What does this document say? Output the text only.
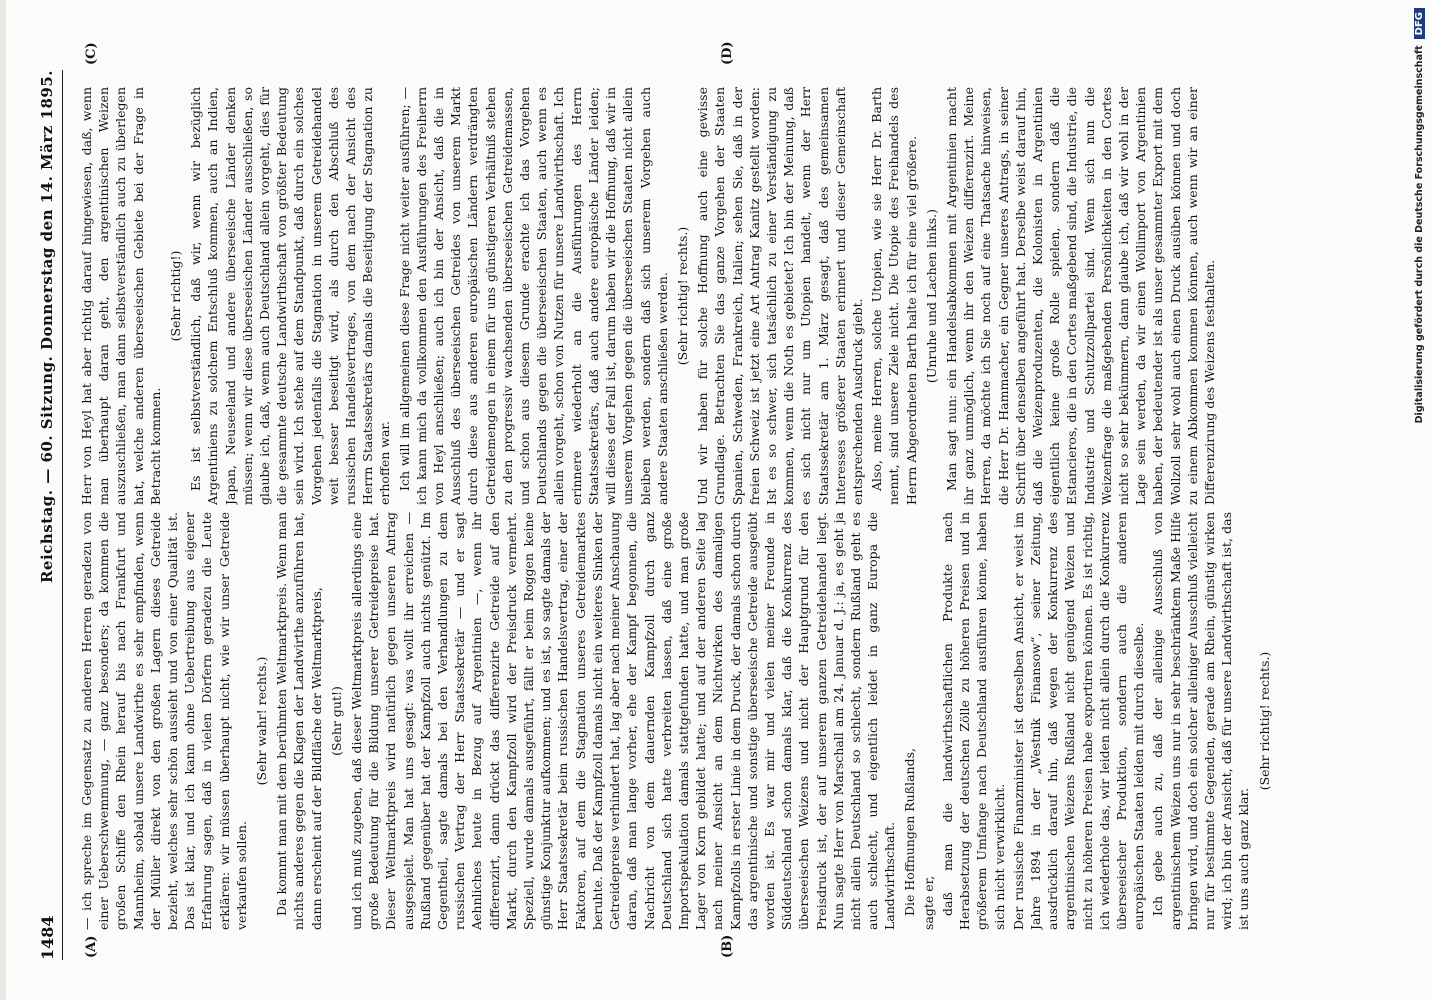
1484
Reichstag. — 60. Sitzung. Donnerstag den 14. März 1895.
(A)	(B)
(C)	(D)

— ich spreche im Gegensatz zu anderen Herren geradezu von einer Ueberschwemmung, — ganz besonders; da kommen die großen Schiffe den Rhein herauf bis nach Frankfurt und Mannheim, sobald unsere Landwirthe es sehr empfinden, wenn der Müller direkt von den großen Lagern dieses Getreide bezieht, welches sehr schön aussieht und von einer Qualität ist. Das ist klar, und ich kann ohne Uebertreibung aus eigener Erfahrung sagen, daß in vielen Dörfern geradezu die Leute erklären: wir müssen überhaupt nicht, wie wir unser Getreide verkaufen sollen.

(Sehr wahr! rechts.) Da kommt man mit dem berühmten Weltmarktpreis. Wenn man nichts anderes gegen die Klagen der Landwirthe anzuführen hat, dann erscheint auf der Bildfläche der Weltmarktpreis, (Sehr gut!) und ich muß zugeben, daß dieser Weltmarktpreis allerdings eine große Bedeutung für die Bildung unserer Getreidepreise hat. Dieser Weltmarktpreis wird natürlich gegen unseren Antrag ausgespielt. Man hat uns gesagt: was wollt ihr erreichen — Rußland gegenüber hat der Kampfzoll auch nichts genützt. Im Gegentheil, sagte damals bei den Verhandlungen zu dem russischen Vertrag der Herr Staatssekretär — und er sagt Aehnliches heute in Bezug auf Argentinien —, wenn ihr differenzirt, dann drückt das differenzirte Getreide auf den Markt, durch den Kampfzoll wird der Preisdruck vermehrt. Speziell, wurde damals ausgeführt, fällt er beim Roggen keine günstige Konjunktur aufkommen; und es ist, so sagte damals der Herr Staatssekretär beim russischen Handelsvertrag, einer der Faktoren, auf dem die Stagnation unseres Getreidemarktes beruhte. Daß der Kampfzoll damals nicht ein weiteres Sinken der Getreidepreise verhindert hat, lag aber nach meiner Anschauung daran, daß man lange vorher, ehe der Kampf begonnen, die Nachricht von dem dauernden Kampfzoll durch ganz Deutschland sich hatte verbreiten lassen, daß eine große Importspekulation damals stattgefunden hatte, und man große Lager von Korn gebildet hatte; und auf der anderen Seite lag nach meiner Ansicht an dem Nichtwirken des damaligen Kampfzolls in erster Linie in dem Druck, der damals schon durch das argentinische und sonstige überseeische Getreide ausgeübt worden ist. Es war mir und vielen meiner Freunde in Süddeutschland schon damals klar, daß die Konkurrenz des überseeischen Weizens und nicht der Hauptgrund für den Preisdruck ist, der auf unserem ganzen Getreidehandel liegt. Nun sagte Herr von Marschall am 24. Januar d. J.: ja, es geht ja nicht allein Deutschland so schlecht, sondern Rußland geht es auch schlecht, und eigentlich leidet in ganz Europa die Landwirthschaft. Die Hoffnungen Rußlands, sagte er, daß man die landwirthschaftlichen Produkte nach Herabsetzung der deutschen Zölle zu höheren Preisen und in größerem Umfange nach Deutschland ausführen könne, haben sich nicht verwirklicht. Der russische Finanzminister ist derselben Ansicht, er weist im Jahre 1894 in der „Westnik Finansow“, seiner Zeitung, ausdrücklich darauf hin, daß wegen der Konkurrenz des argentinischen Weizens Rußland nicht genügend Weizen und nicht zu höheren Preisen habe exportiren können. Es ist richtig, ich wiederhole das, wir leiden nicht allein durch die Konkurrenz überseeischer Produktion, sondern auch die anderen europäischen Staaten leiden mit durch dieselbe. Ich gebe auch zu, daß der alleinige Ausschluß von argentinischem Weizen uns nur in sehr beschränktem Maße Hilfe bringen wird, und doch ein solcher alleiniger Ausschluß vielleicht nur für bestimmte Gegenden, gerade am Rhein, günstig wirken wird; ich bin der Ansicht, daß für unsere Landwirthschaft ist, das ist uns auch ganz klar.

(Sehr richtig! rechts.)

Herr von Heyl hat aber richtig darauf hingewiesen, daß, wenn man überhaupt daran geht, den argentinischen Weizen auszuschließen, man dann selbstverständlich auch zu überlegen hat, welche anderen überseeischen Gebiete bei der Frage in Betracht kommen.

(Sehr richtig!) Es ist selbstverständlich, daß wir, wenn wir bezüglich Argentiniens zu solchem Entschluß kommen, auch an Indien, Japan, Neuseeland und andere überseeische Länder denken müssen; wenn wir diese überseeischen Länder ausschließen, so glaube ich, daß, wenn auch Deutschland allein vorgeht, dies für die gesammte deutsche Landwirthschaft von größter Bedeutung sein wird. Ich stehe auf dem Standpunkt, daß durch ein solches Vorgehen jedenfalls die Stagnation in unserem Getreidehandel weit besser beseitigt wird, als durch den Abschluß des russischen Handelsvertrages, von dem nach der Ansicht des Herrn Staatssekretärs damals die Beseitigung der Stagnation zu erhoffen war. Ich will im allgemeinen diese Frage nicht weiter ausführen; — ich kann mich da vollkommen den Ausführungen des Freiherrn von Heyl anschließen; auch ich bin der Ansicht, daß die in Ausschluß des überseeischen Getreides von unserem Markt durch diese aus anderen europäischen Ländern verdrängten Getreidemengen in einem für uns günstigeren Verhältniß stehen zu den progressiv wachsenden überseeischen Getreidemassen, und schon aus diesem Grunde erachte ich das Vorgehen Deutschlands gegen die überseeischen Staaten, auch wenn es allein vorgeht, schon von Nutzen für unsere Landwirthschaft. Ich erinnere wiederholt an die Ausführungen des Herrn Staatssekretärs, daß auch andere europäische Länder leiden; will dieses der Fall ist, darum haben wir die Hoffnung, daß wir in unserem Vorgehen gegen die überseeischen Staaten nicht allein bleiben werden, sondern daß sich unserem Vorgehen auch andere Staaten anschließen werden. (Sehr richtig! rechts.) Und wir haben für solche Hoffnung auch eine gewisse Grundlage. Betrachten Sie das ganze Vorgehen der Staaten Spanien, Schweden, Frankreich, Italien; sehen Sie, daß in der freien Schweiz ist jetzt eine Art Antrag Kanitz gestellt worden: Ist es so schwer, sich tatsächlich zu einer Verständigung zu kommen, wenn die Noth es gebietet? Ich bin der Meinung, daß es sich nicht nur um Utopien handelt, wenn der Herr Staatssekretär am 1. März gesagt, daß des gemeinsamen Interesses größerer Staaten erinnert und dieser Gemeinschaft entsprechenden Ausdruck giebt. Also, meine Herren, solche Utopien, wie sie Herr Dr. Barth nennt, sind unsere Ziele nicht. Die Utopie des Freihandels des Herrn Abgeordneten Barth halte ich für eine viel größere. (Unruhe und Lachen links.) Man sagt nun: ein Handelsabkommen mit Argentinien macht ihr ganz unmöglich, wenn ihr den Weizen differenzirt. Meine Herren, da möchte ich Sie noch auf eine Thatsache hinweisen, die Herr Dr. Hammacher, ein Gegner unseres Antrags, in seiner Schrift über denselben angeführt hat. Derselbe weist darauf hin, daß die Weizenproduzenten, die Kolonisten in Argentinien eigentlich keine große Rolle spielen, sondern daß die Estancieros, die in den Cortes maßgebend sind, die Industrie, die Industrie und Schutzzollpartei sind. Wenn sich nun die Weizenfrage die maßgebenden Persönlichkeiten in den Cortes nicht so sehr bekümmern, dann glaube ich, daß wir wohl in der Lage sein werden, da wir einen Wollimport von Argentinien haben, der bedeutender ist als unser gesammter Export mit dem Wollzoll sehr wohl auch einen Druck ausüben können und doch zu einem Abkommen kommen können, auch wenn wir an einer Differenzirung des Weizens festhalten.	Digitalisierung gefördert durch die Deutsche Forschungsgemeinschaft
DFG
